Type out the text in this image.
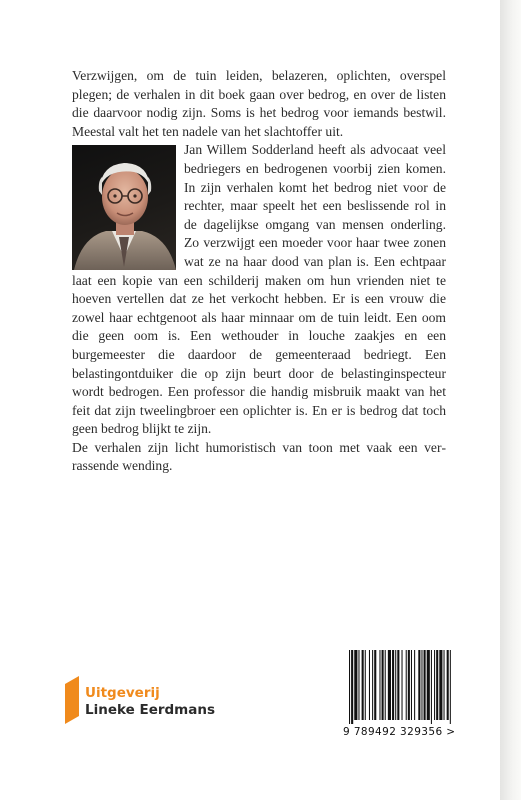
Verzwijgen, om de tuin leiden, belazeren, oplichten, overspel plegen; de verhalen in dit boek gaan over bedrog, en over de listen die daarvoor nodig zijn. Soms is het bedrog voor iemands bestwil. Meestal valt het ten nadele van het slachtoffer uit.

Jan Willem Sodderland heeft als advocaat veel bedriegers en bedrogenen voorbij zien komen. In zijn verhalen komt het bedrog niet voor de rechter, maar speelt het een beslissende rol in de dagelijkse omgang van mensen onderling. Zo verzwijgt een moeder voor haar twee zonen wat ze na haar dood van plan is. Een echtpaar laat een kopie van een schilderij maken om hun vrienden niet te hoeven vertellen dat ze het verkocht hebben. Er is een vrouw die zowel haar echtgenoot als haar minnaar om de tuin leidt. Een oom die geen oom is. Een wethouder in louche zaakjes en een burgemeester die daardoor de gemeenteraad bedriegt. Een belastingontduiker die op zijn beurt door de belastinginspecteur wordt bedrogen. Een professor die handig misbruik maakt van het feit dat zijn tweelingbroer een oplichter is. En er is bedrog dat toch geen bedrog blijkt te zijn.

De verhalen zijn licht humoristisch van toon met vaak een verrassende wending.

Uitgeverij
Lineke Eerdmans
9 789492 329356 >
